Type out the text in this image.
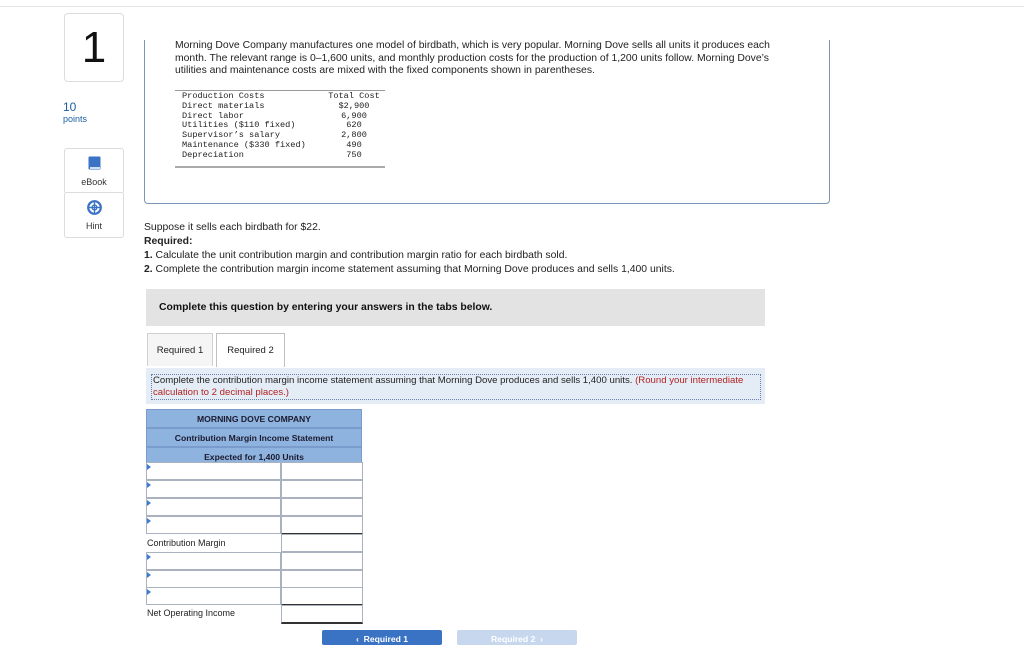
1
10
points
eBook
Hint
Morning Dove Company manufactures one model of birdbath, which is very popular. Morning Dove sells all units it produces each month. The relevant range is 0–1,600 units, and monthly production costs for the production of 1,200 units follow. Morning Dove’s utilities and maintenance costs are mixed with the fixed components shown in parentheses.
Production Costs	Total Cost
Direct materials	$2,900
Direct labor	6,900
Utilities ($110 fixed)	620
Supervisor’s salary	2,800
Maintenance ($330 fixed)	490
Depreciation	750
Suppose it sells each birdbath for $22.
Required:
1. Calculate the unit contribution margin and contribution margin ratio for each birdbath sold.
2. Complete the contribution margin income statement assuming that Morning Dove produces and sells 1,400 units.
Complete this question by entering your answers in the tabs below.
Required 1	Required 2
Complete the contribution margin income statement assuming that Morning Dove produces and sells 1,400 units. (Round your intermediate calculation to 2 decimal places.)
MORNING DOVE COMPANY
Contribution Margin Income Statement
Expected for 1,400 Units
Contribution Margin
Net Operating Income
‹ Required 1	Required 2 ›
